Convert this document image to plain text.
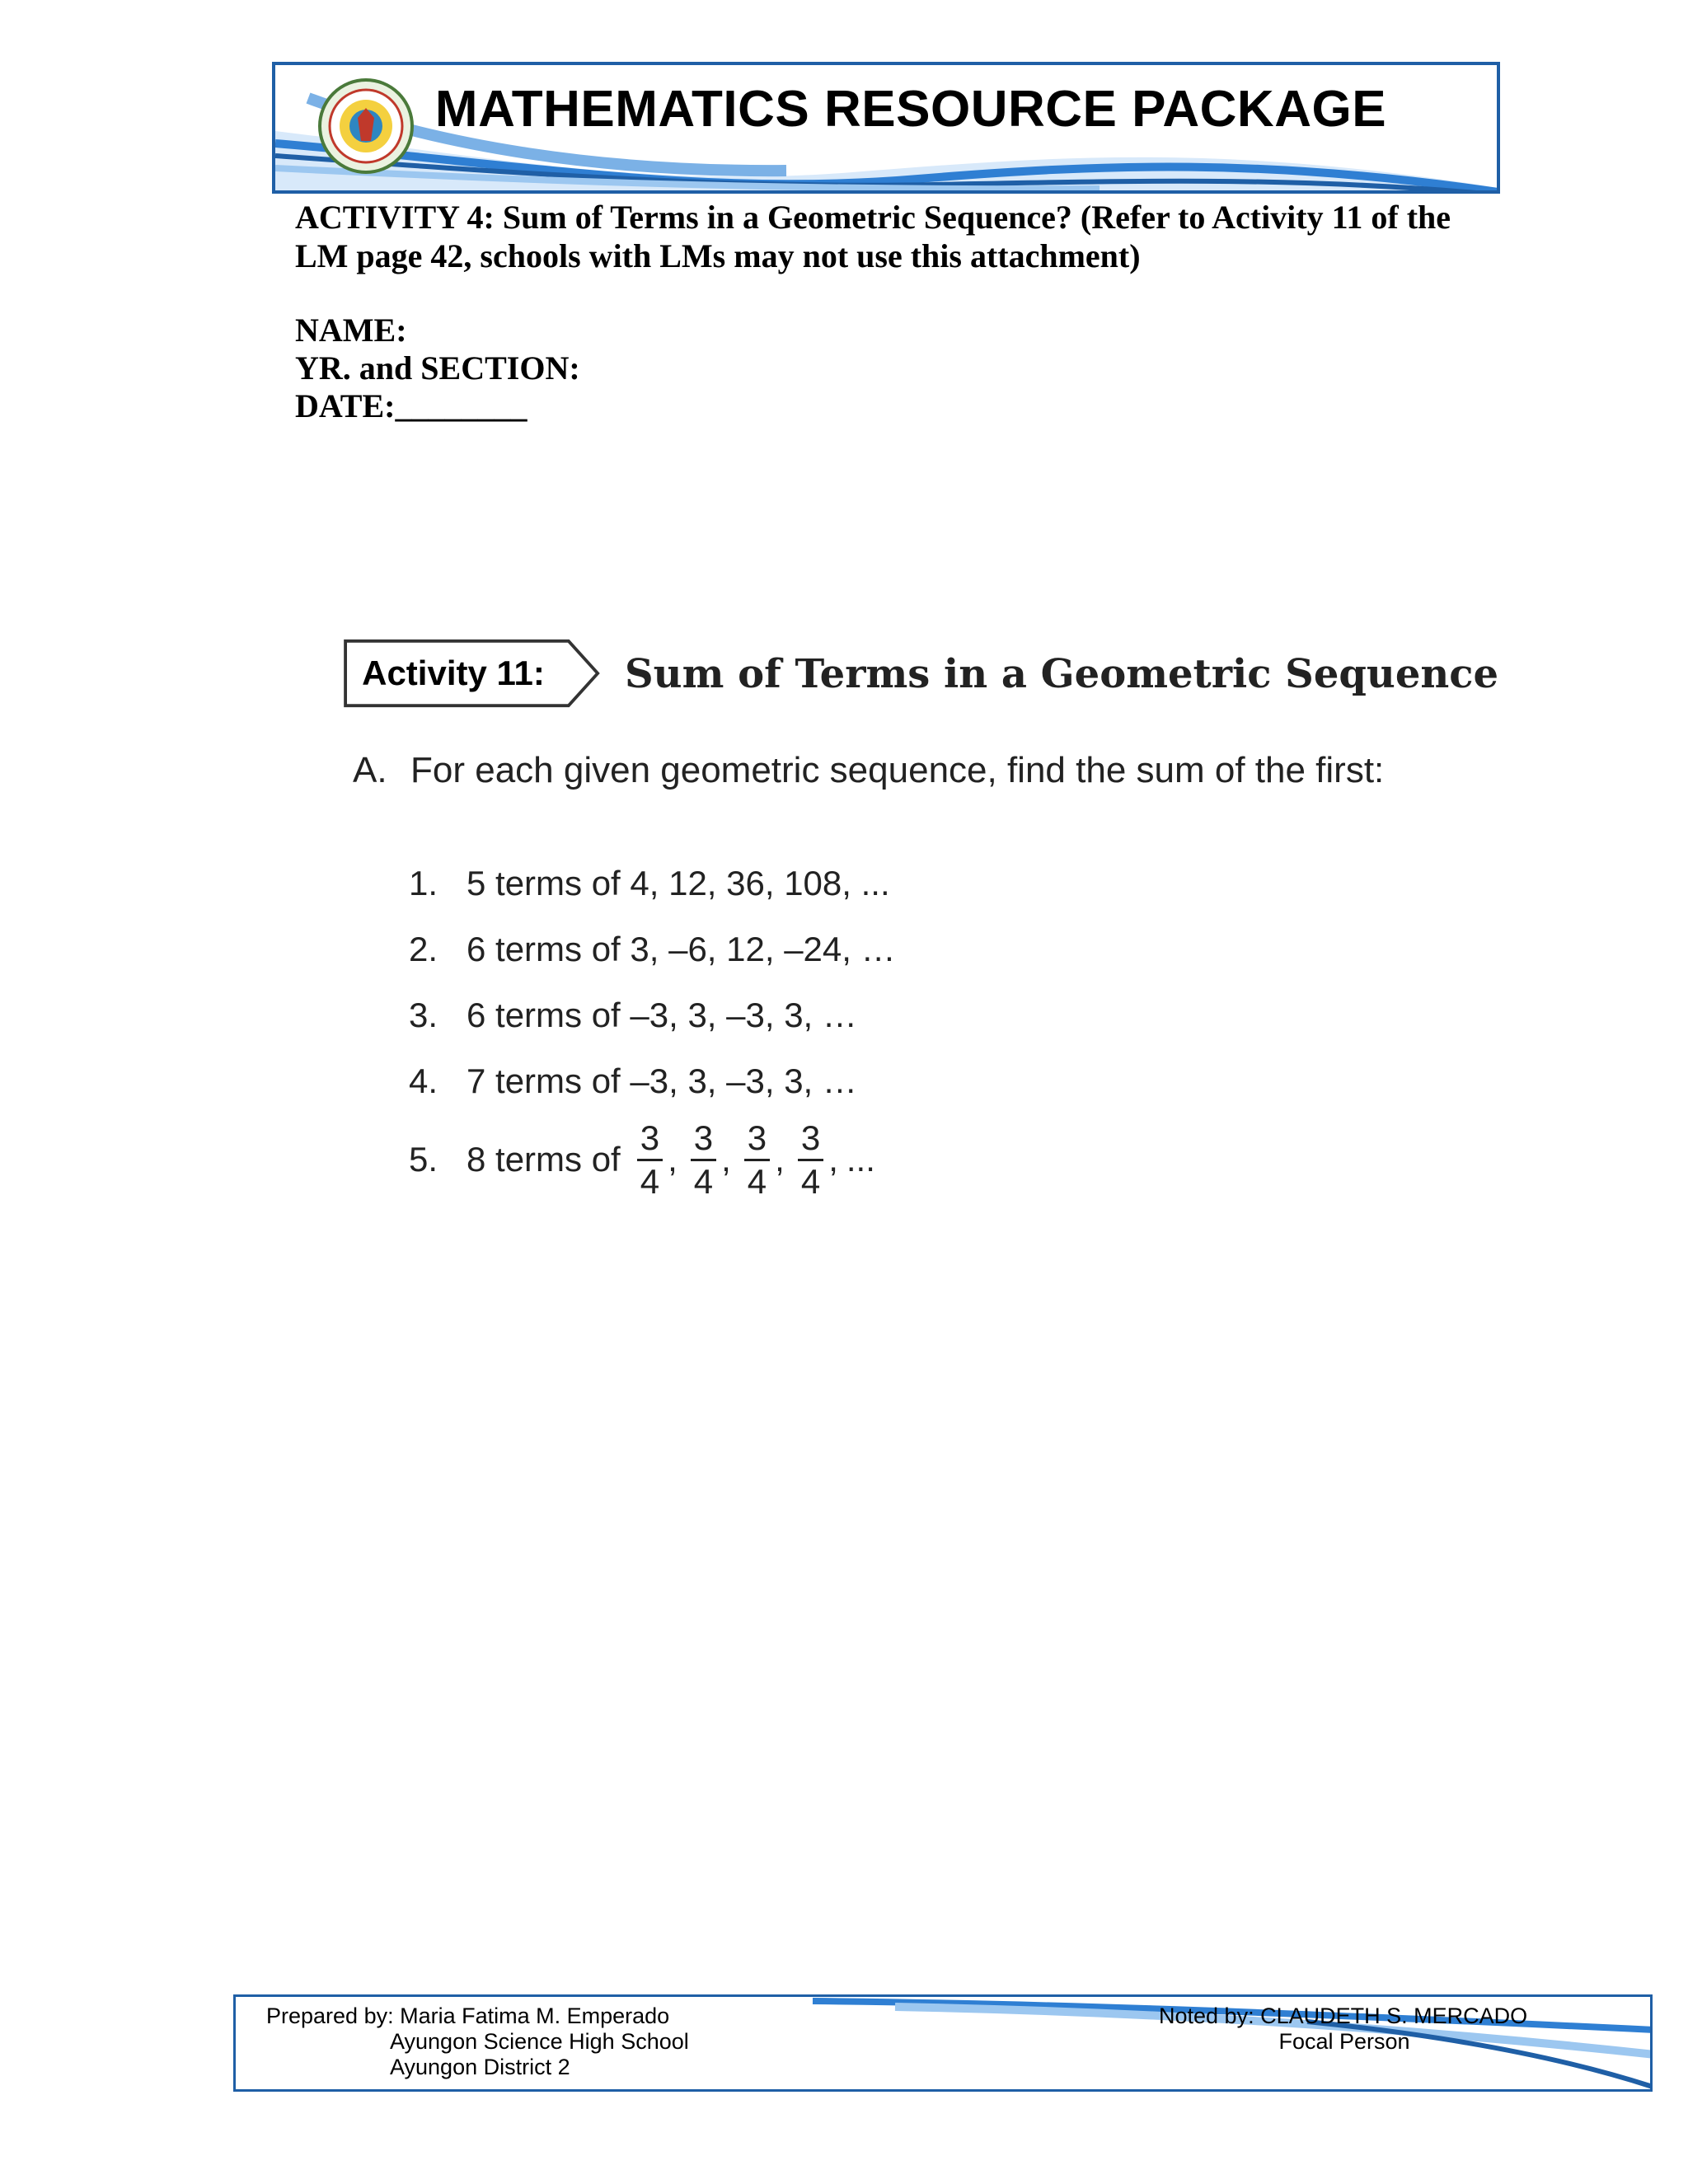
MATHEMATICS RESOURCE PACKAGE
ACTIVITY 4: Sum of Terms in a Geometric Sequence? (Refer to Activity 11 of the LM page 42, schools with LMs may not use this attachment)
NAME:
YR. and SECTION:
DATE:________
Activity 11:	Sum of Terms in a Geometric Sequence
A. For each given geometric sequence, find the sum of the first:
1. 5 terms of 4, 12, 36, 108, ...
2. 6 terms of 3, –6, 12, –24, …
3. 6 terms of –3, 3, –3, 3, …
4. 7 terms of –3, 3, –3, 3, …
5. 8 terms of $\frac{3}{4}$ , $\frac{3}{4}$ , $\frac{3}{4}$ , $\frac{3}{4}$ , ...
Prepared by: Maria Fatima M. Emperado
Ayungon Science High School
Ayungon District 2
Noted by: CLAUDETH S. MERCADO
Focal Person
